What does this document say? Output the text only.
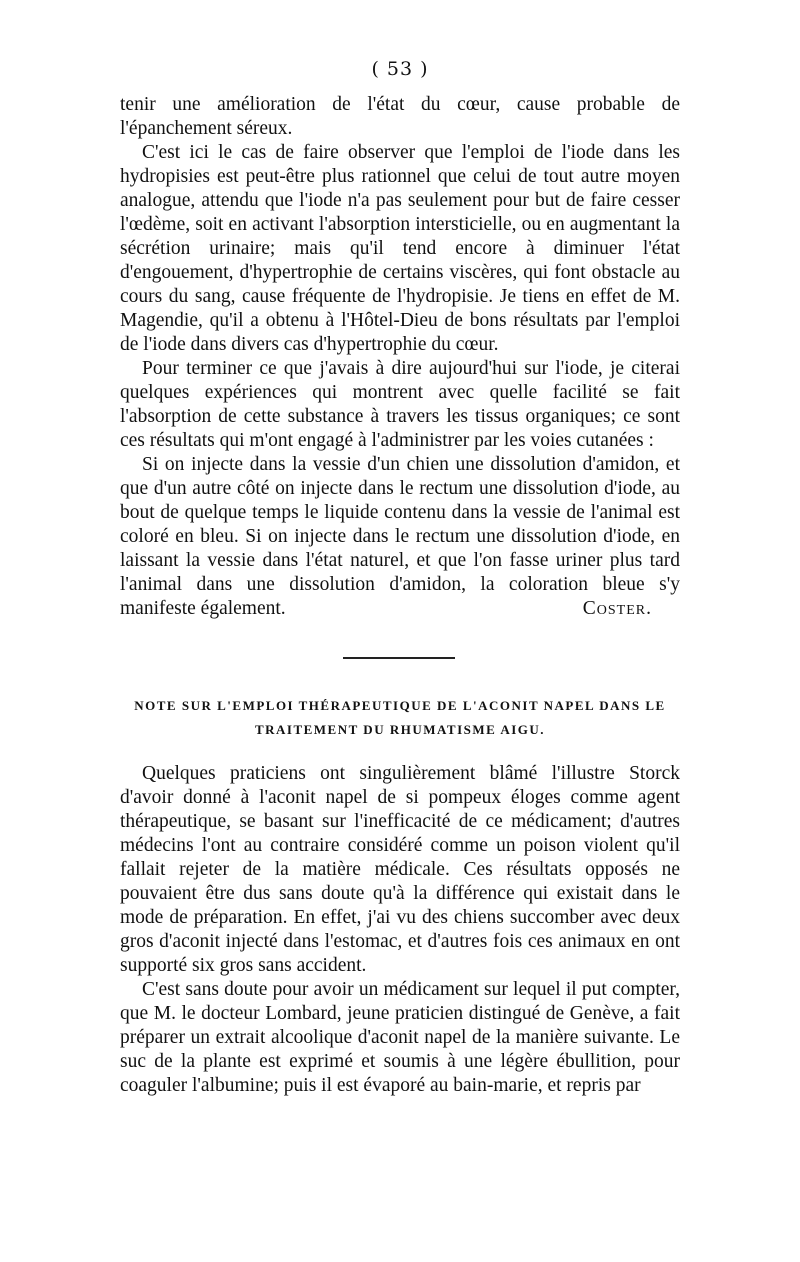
( 53 )

tenir une amélioration de l'état du cœur, cause probable de l'épanchement séreux.

C'est ici le cas de faire observer que l'emploi de l'iode dans les hydropisies est peut-être plus rationnel que celui de tout autre moyen analogue, attendu que l'iode n'a pas seulement pour but de faire cesser l'œdème, soit en activant l'absorption intersticielle, ou en augmentant la sécrétion urinaire; mais qu'il tend encore à diminuer l'état d'engouement, d'hypertrophie de certains viscères, qui font obstacle au cours du sang, cause fréquente de l'hydropisie. Je tiens en effet de M. Magendie, qu'il a obtenu à l'Hôtel-Dieu de bons résultats par l'emploi de l'iode dans divers cas d'hypertrophie du cœur.

Pour terminer ce que j'avais à dire aujourd'hui sur l'iode, je citerai quelques expériences qui montrent avec quelle facilité se fait l'absorption de cette substance à travers les tissus organiques; ce sont ces résultats qui m'ont engagé à l'administrer par les voies cutanées :

Si on injecte dans la vessie d'un chien une dissolution d'amidon, et que d'un autre côté on injecte dans le rectum une dissolution d'iode, au bout de quelque temps le liquide contenu dans la vessie de l'animal est coloré en bleu. Si on injecte dans le rectum une dissolution d'iode, en laissant la vessie dans l'état naturel, et que l'on fasse uriner plus tard l'animal dans une dissolution d'amidon, la coloration bleue s'y manifeste également.	Coster.
NOTE SUR L'EMPLOI THÉRAPEUTIQUE DE L'ACONIT NAPEL DANS LE TRAITEMENT DU RHUMATISME AIGU.

Quelques praticiens ont singulièrement blâmé l'illustre Storck d'avoir donné à l'aconit napel de si pompeux éloges comme agent thérapeutique, se basant sur l'inefficacité de ce médicament; d'autres médecins l'ont au contraire considéré comme un poison violent qu'il fallait rejeter de la matière médicale. Ces résultats opposés ne pouvaient être dus sans doute qu'à la différence qui existait dans le mode de préparation. En effet, j'ai vu des chiens succomber avec deux gros d'aconit injecté dans l'estomac, et d'autres fois ces animaux en ont supporté six gros sans accident.

C'est sans doute pour avoir un médicament sur lequel il put compter, que M. le docteur Lombard, jeune praticien distingué de Genève, a fait préparer un extrait alcoolique d'aconit napel de la manière suivante. Le suc de la plante est exprimé et soumis à une légère ébullition, pour coaguler l'albumine; puis il est évaporé au bain-marie, et repris par
